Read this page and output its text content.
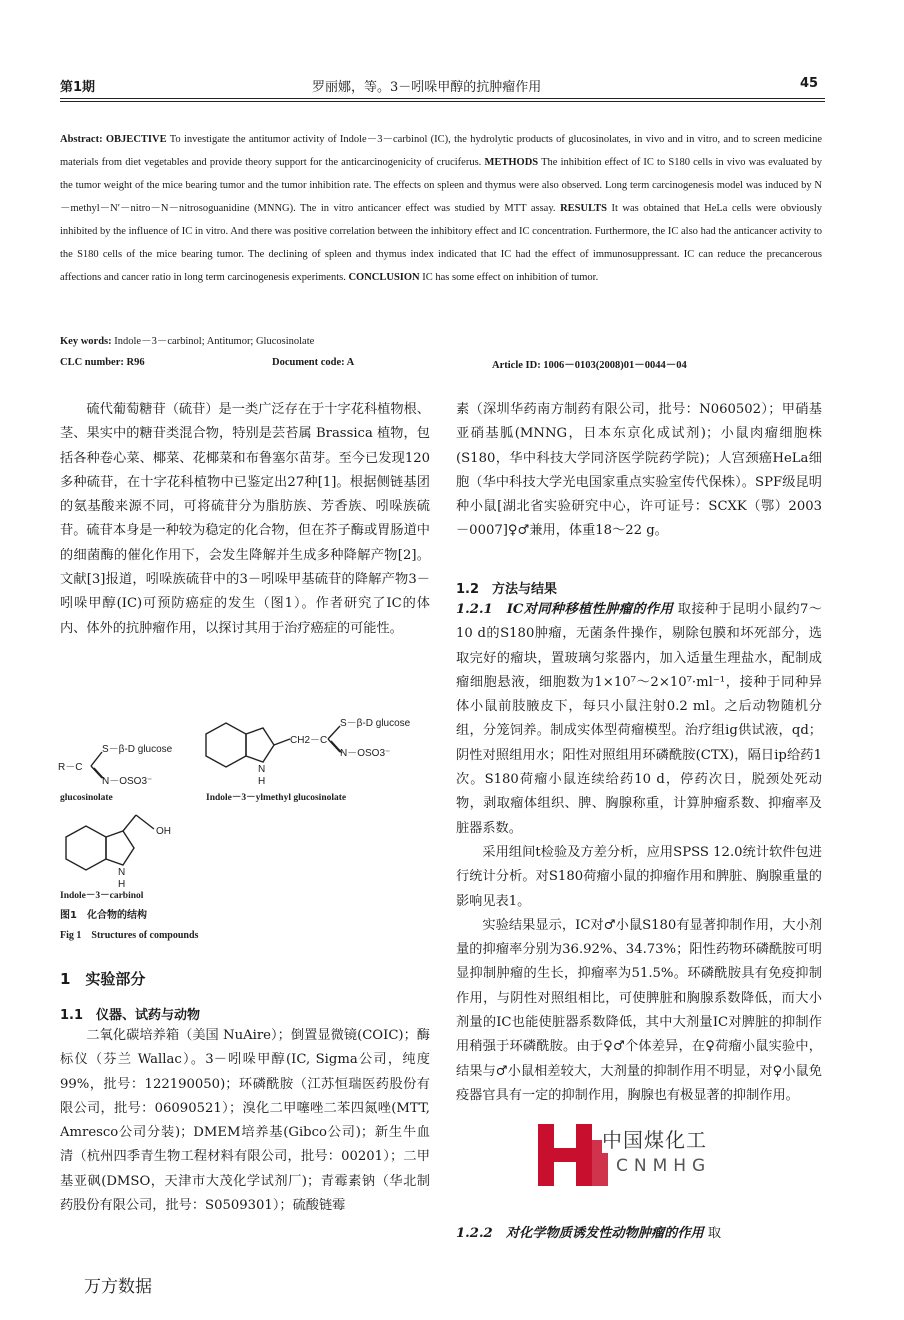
第1期	罗丽娜，等。3－吲哚甲醇的抗肿瘤作用	45
Abstract: OBJECTIVE To investigate the antitumor activity of Indole－3－carbinol (IC), the hydrolytic products of glucosinolates, in vivo and in vitro, and to screen medicine materials from diet vegetables and provide theory support for the anticarcinogenicity of cruciferus. METHODS The inhibition effect of IC to S180 cells in vivo was evaluated by the tumor weight of the mice bearing tumor and the tumor inhibition rate. The effects on spleen and thymus were also observed. Long term carcinogenesis model was induced by N－methyl－N′－nitro－N－nitrosoguanidine (MNNG). The in vitro anticancer effect was studied by MTT assay. RESULTS It was obtained that HeLa cells were obviously inhibited by the influence of IC in vitro. And there was positive correlation between the inhibitory effect and IC concentration. Furthermore, the IC also had the anticancer activity to the S180 cells of the mice bearing tumor. The declining of spleen and thymus index indicated that IC had the effect of immunosuppressant. IC can reduce the precancerous affections and cancer ratio in long term carcinogenesis experiments. CONCLUSION IC has some effect on inhibition of tumor.
Key words: Indole－3－carbinol; Antitumor; Glucosinolate
CLC number: R96	Document code: A	Article ID: 1006－0103(2008)01－0044－04

硫代葡萄糖苷（硫苷）是一类广泛存在于十字花科植物根、茎、果实中的糖苷类混合物，特别是芸苔属 Brassica 植物，包括各种卷心菜、椰菜、花椰菜和布鲁塞尔苗芽。至今已发现120多种硫苷，在十字花科植物中已鉴定出27种[1]。根据侧链基团的氨基酸来源不同，可将硫苷分为脂肪族、芳香族、吲哚族硫苷。硫苷本身是一种较为稳定的化合物，但在芥子酶或胃肠道中的细菌酶的催化作用下，会发生降解并生成多种降解产物[2]。文献[3]报道，吲哚族硫苷中的3－吲哚甲基硫苷的降解产物3－吲哚甲醇(IC)可预防癌症的发生（图1）。作者研究了IC的体内、体外的抗肿瘤作用，以探讨其用于治疗癌症的可能性。

R－C
S－β-D glucose
N－OSO3⁻
CH2－C
S－β-D glucose
N－OSO3⁻
N
H
OH
N
H
glucosinolate	Indole－3－ylmethyl glucosinolate
Indole－3－carbinol
图1　化合物的结构
Fig 1　Structures of compounds
1　实验部分
1.1　仪器、试药与动物

二氧化碳培养箱（美国 NuAire）；倒置显微镜(COIC)；酶标仪（芬兰 Wallac）。3－吲哚甲醇(IC, Sigma公司，纯度99%，批号：122190050)；环磷酰胺（江苏恒瑞医药股份有限公司，批号：06090521）；溴化二甲噻唑二苯四氮唑(MTT, Amresco公司分装)；DMEM培养基(Gibco公司)；新生牛血清（杭州四季青生物工程材料有限公司，批号：00201）；二甲基亚砜(DMSO，天津市大茂化学试剂厂)；青霉素钠（华北制药股份有限公司，批号：S0509301）；硫酸链霉

素（深圳华药南方制药有限公司，批号：N060502）；甲硝基亚硝基胍(MNNG，日本东京化成试剂)；小鼠肉瘤细胞株(S180，华中科技大学同济医学院药学院)；人宫颈癌HeLa细胞（华中科技大学光电国家重点实验室传代保株）。SPF级昆明种小鼠[湖北省实验研究中心，许可证号：SCXK（鄂）2003－0007]♀♂兼用，体重18～22 g。

1.2　方法与结果

1.2.1　IC对同种移植性肿瘤的作用 取接种于昆明小鼠约7～10 d的S180肿瘤，无菌条件操作，剔除包膜和坏死部分，选取完好的瘤块，置玻璃匀浆器内，加入适量生理盐水，配制成瘤细胞悬液，细胞数为1×10⁷～2×10⁷·ml⁻¹，接种于同种异体小鼠前肢腋皮下，每只小鼠注射0.2 ml。之后动物随机分组，分笼饲养。制成实体型荷瘤模型。治疗组ig供试液，qd；阴性对照组用水；阳性对照组用环磷酰胺(CTX)，隔日ip给药1次。S180荷瘤小鼠连续给药10 d，停药次日，脱颈处死动物，剥取瘤体组织、脾、胸腺称重，计算肿瘤系数、抑瘤率及脏器系数。

采用组间t检验及方差分析，应用SPSS 12.0统计软件包进行统计分析。对S180荷瘤小鼠的抑瘤作用和脾脏、胸腺重量的影响见表1。

实验结果显示，IC对♂小鼠S180有显著抑制作用，大小剂量的抑瘤率分别为36.92%、34.73%；阳性药物环磷酰胺可明显抑制肿瘤的生长，抑瘤率为51.5%。环磷酰胺具有免疫抑制作用，与阴性对照组相比，可使脾脏和胸腺系数降低，而大小剂量的IC也能使脏器系数降低，其中大剂量IC对脾脏的抑制作用稍强于环磷酰胺。由于♀♂个体差异，在♀荷瘤小鼠实验中，结果与♂小鼠相差较大，大剂量的抑制作用不明显，对♀小鼠免疫器官具有一定的抑制作用，胸腺也有极显著的抑制作用。

1.2.2　对化学物质诱发性动物肿瘤的作用 取

中国煤化工
CNMHG
万方数据
